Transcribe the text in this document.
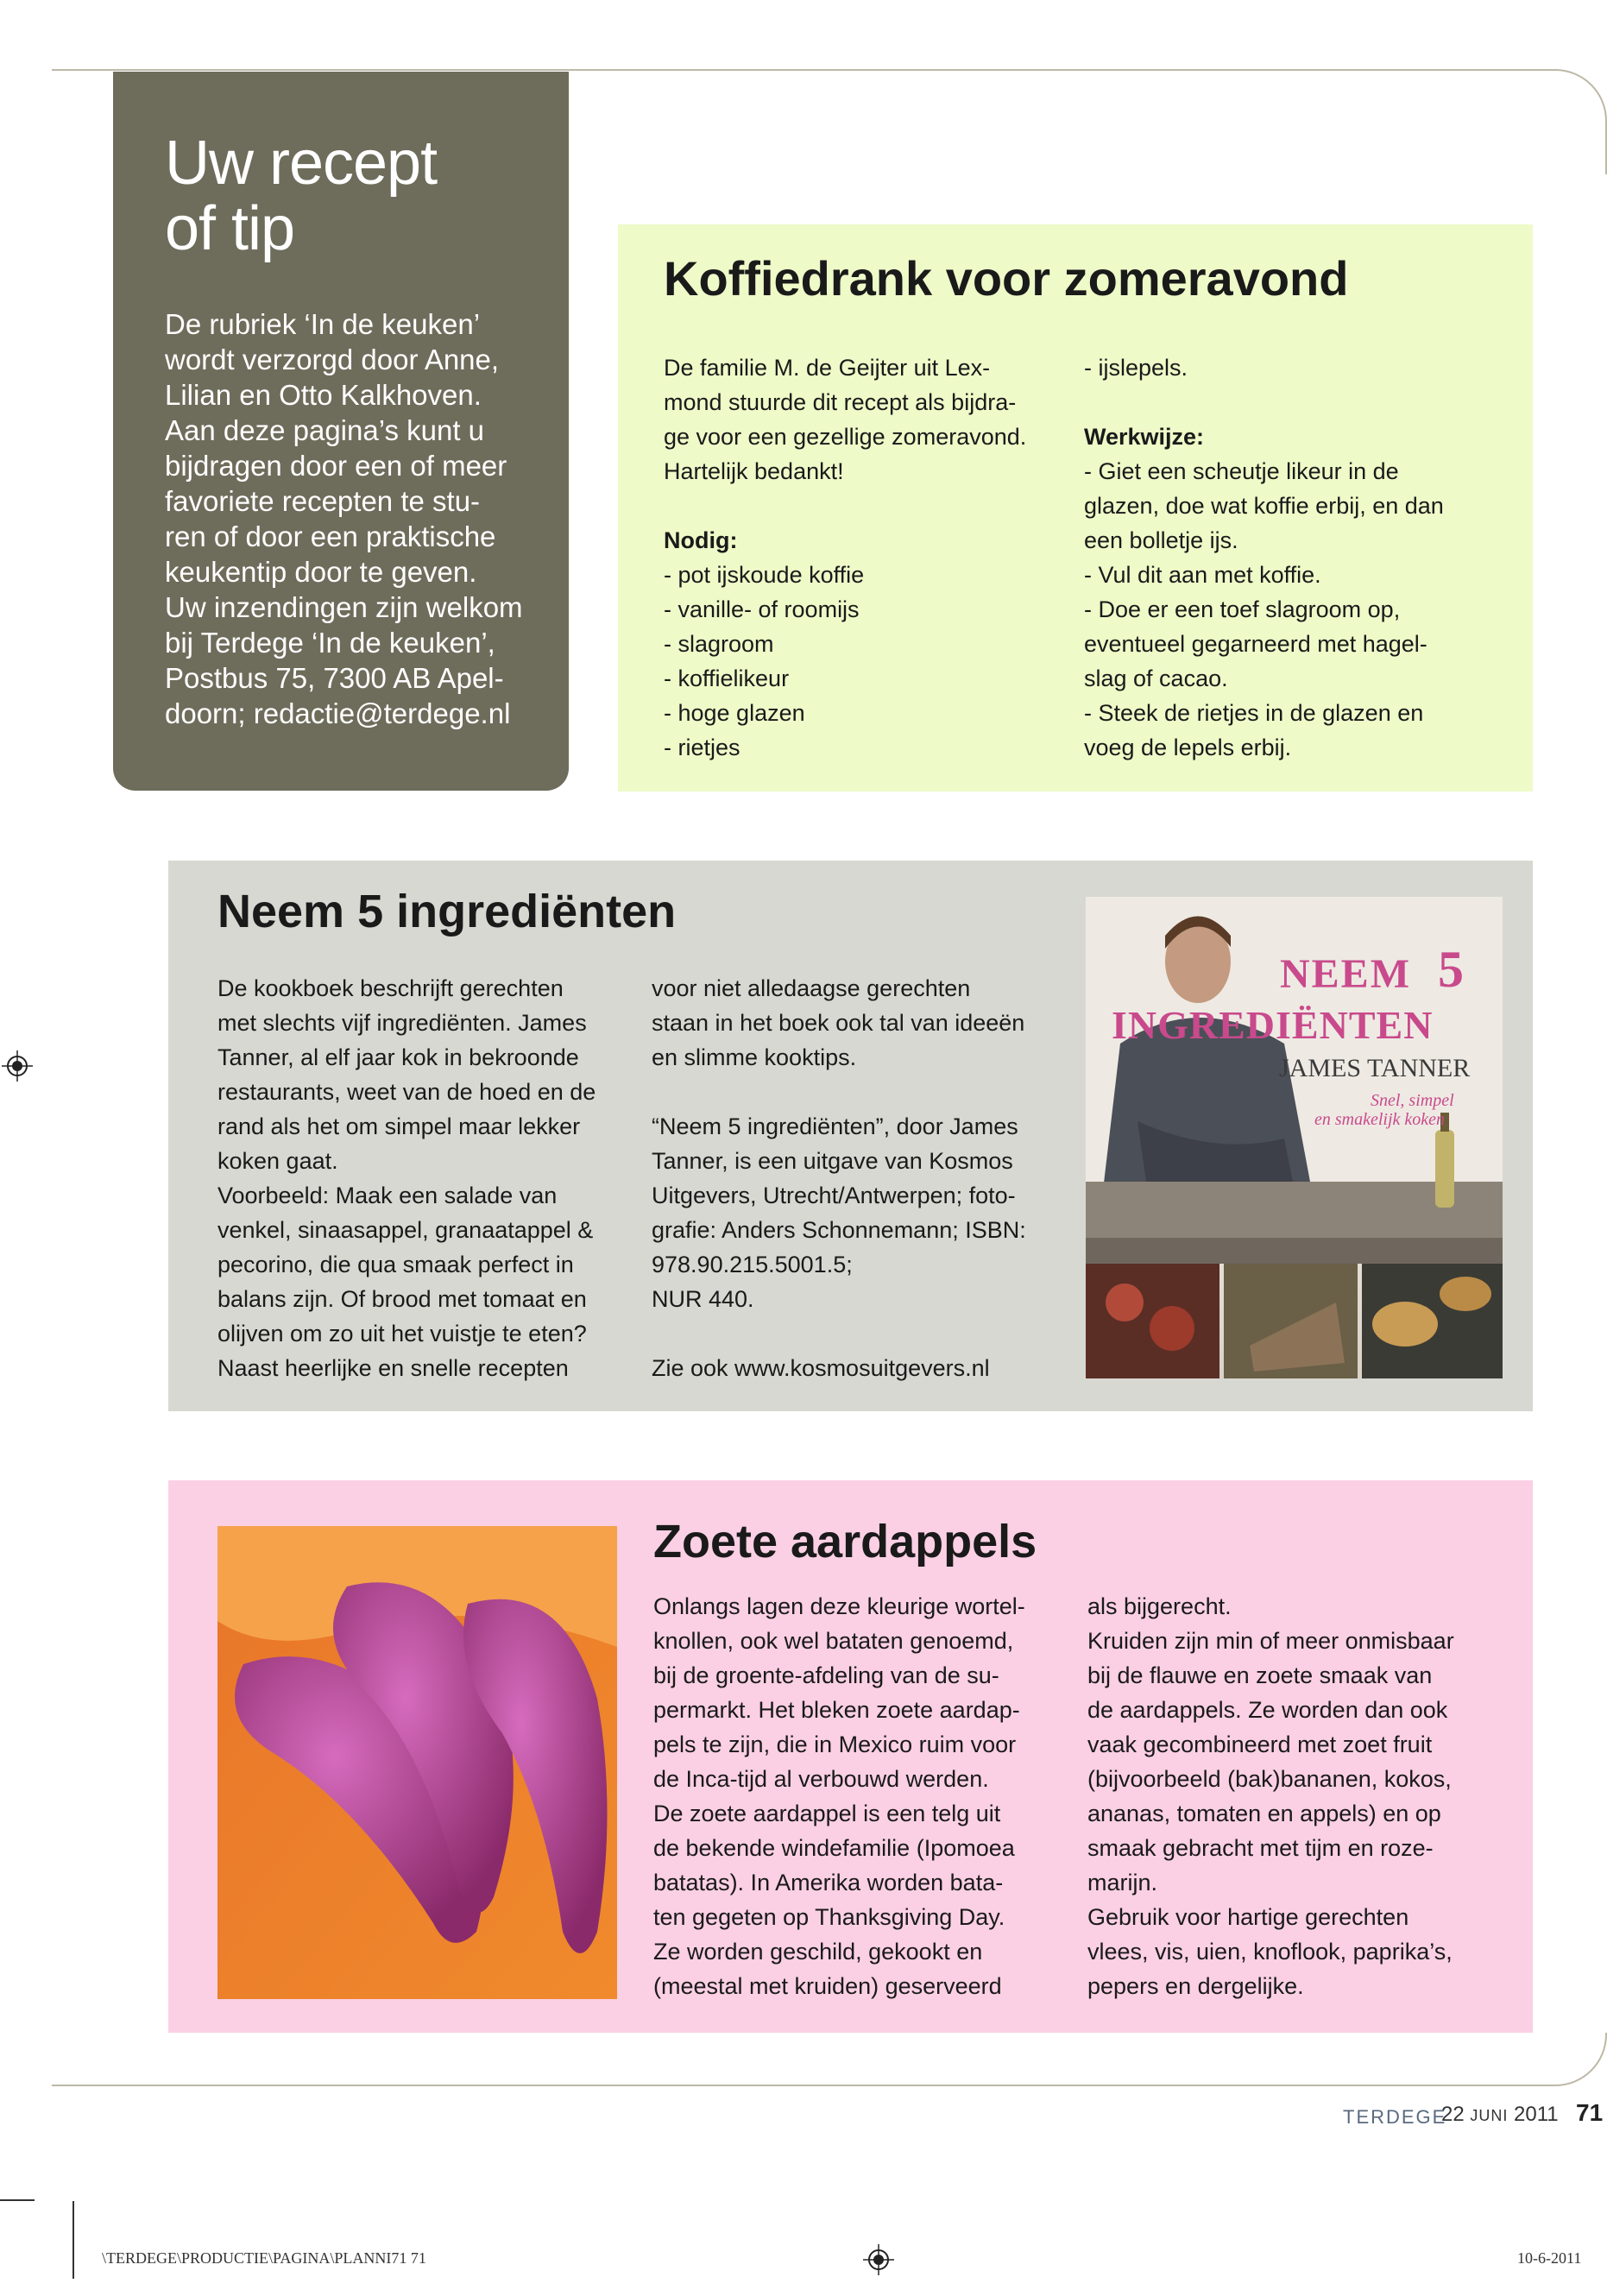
Uw recept
of tip
De rubriek ‘In de keuken’
wordt verzorgd door Anne,
Lilian en Otto Kalkhoven.
Aan deze pagina’s kunt u
bijdragen door een of meer
favoriete recepten te stu-
ren of door een praktische
keukentip door te geven.
Uw inzendingen zijn welkom
bij Terdege ‘In de keuken’,
Postbus 75, 7300 AB Apel-
doorn; redactie@terdege.nl
Koffiedrank voor zomeravond
De familie M. de Geijter uit Lex-
mond stuurde dit recept als bijdra-
ge voor een gezellige zomeravond.
Hartelijk bedankt!
Nodig:
- pot ijskoude koffie
- vanille- of roomijs
- slagroom
- koffielikeur
- hoge glazen
- rietjes
- ijslepels.
Werkwijze:
- Giet een scheutje likeur in de
glazen, doe wat koffie erbij, en dan
een bolletje ijs.
- Vul dit aan met koffie.
- Doe er een toef slagroom op,
eventueel gegarneerd met hagel-
slag of cacao.
- Steek de rietjes in de glazen en
voeg de lepels erbij.
Neem 5 ingrediënten
De kookboek beschrijft gerechten
met slechts vijf ingrediënten. James
Tanner, al elf jaar kok in bekroonde
restaurants, weet van de hoed en de
rand als het om simpel maar lekker
koken gaat.
Voorbeeld: Maak een salade van
venkel, sinaasappel, granaatappel &
pecorino, die qua smaak perfect in
balans zijn. Of brood met tomaat en
olijven om zo uit het vuistje te eten?
Naast heerlijke en snelle recepten
voor niet alledaagse gerechten
staan in het boek ook tal van ideeën
en slimme kooktips.
“Neem 5 ingrediënten”, door James
Tanner, is een uitgave van Kosmos
Uitgevers, Utrecht/Antwerpen; foto-
grafie: Anders Schonnemann; ISBN:
978.90.215.5001.5;
NUR 440.
Zie ook www.kosmosuitgevers.nl
NEEM 5
INGREDIËNTEN
JAMES TANNER
Snel, simpel
en smakelijk koken
Zoete aardappels
Onlangs lagen deze kleurige wortel-
knollen, ook wel bataten genoemd,
bij de groente-afdeling van de su-
permarkt. Het bleken zoete aardap-
pels te zijn, die in Mexico ruim voor
de Inca-tijd al verbouwd werden.
De zoete aardappel is een telg uit
de bekende windefamilie (Ipomoea
batatas). In Amerika worden bata-
ten gegeten op Thanksgiving Day.
Ze worden geschild, gekookt en
(meestal met kruiden) geserveerd
als bijgerecht.
Kruiden zijn min of meer onmisbaar
bij de flauwe en zoete smaak van
de aardappels. Ze worden dan ook
vaak gecombineerd met zoet fruit
(bijvoorbeeld (bak)bananen, kokos,
ananas, tomaten en appels) en op
smaak gebracht met tijm en roze-
marijn.
Gebruik voor hartige gerechten
vlees, vis, uien, knoflook, paprika’s,
pepers en dergelijke.
TERDEGE
22 JUNI 2011 71
\TERDEGE\PRODUCTIE\PAGINA\PLANNI71 71	10-6-2011
